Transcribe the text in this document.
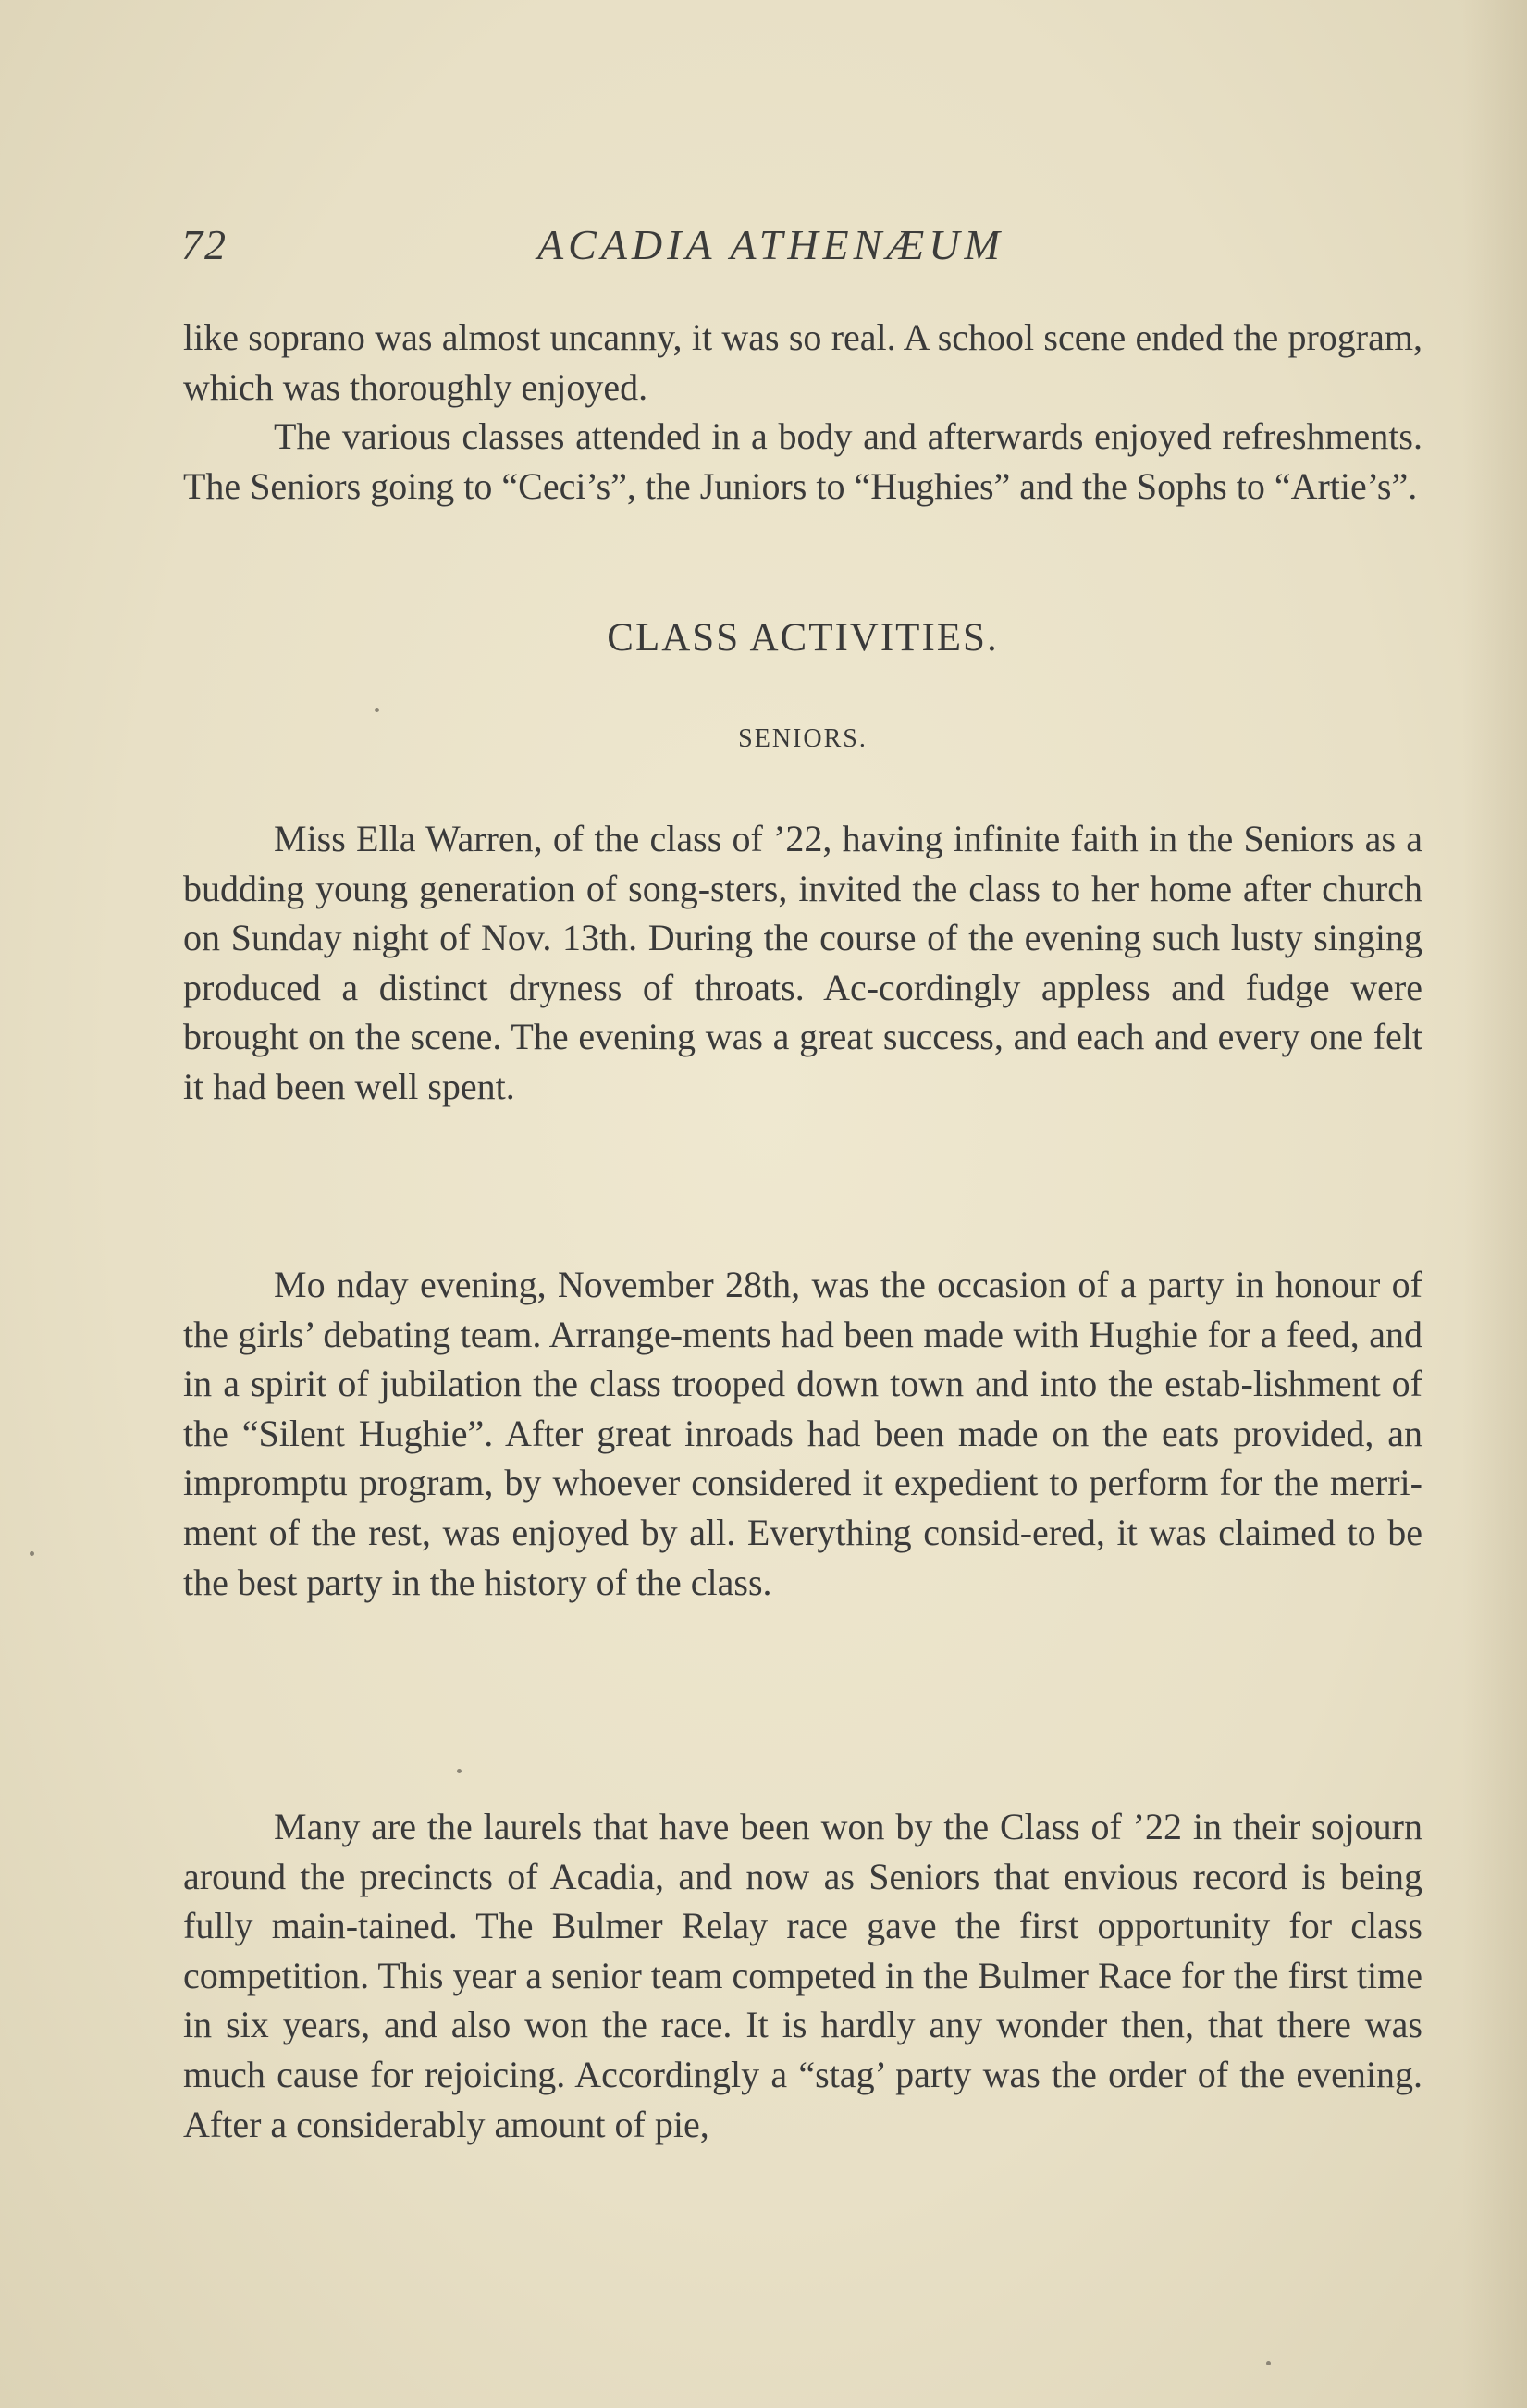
72	ACADIA ATHENÆUM

like soprano was almost uncanny, it was so real. A school scene ended the program, which was thoroughly enjoyed.

The various classes attended in a body and afterwards enjoyed refreshments. The Seniors going to “Ceci’s”, the Juniors to “Hughies” and the Sophs to “Artie’s”.

CLASS ACTIVITIES.
SENIORS.

Miss Ella Warren, of the class of ’22, having infinite faith in the Seniors as a budding young generation of song-sters, invited the class to her home after church on Sunday night of Nov. 13th. During the course of the evening such lusty singing produced a distinct dryness of throats. Ac-cordingly appless and fudge were brought on the scene. The evening was a great success, and each and every one felt it had been well spent.

Mo nday evening, November 28th, was the occasion of a party in honour of the girls’ debating team. Arrange-ments had been made with Hughie for a feed, and in a spirit of jubilation the class trooped down town and into the estab-lishment of the “Silent Hughie”. After great inroads had been made on the eats provided, an impromptu program, by whoever considered it expedient to perform for the merri-ment of the rest, was enjoyed by all. Everything consid-ered, it was claimed to be the best party in the history of the class.

Many are the laurels that have been won by the Class of ’22 in their sojourn around the precincts of Acadia, and now as Seniors that envious record is being fully main-tained. The Bulmer Relay race gave the first opportunity for class competition. This year a senior team competed in the Bulmer Race for the first time in six years, and also won the race. It is hardly any wonder then, that there was much cause for rejoicing. Accordingly a “stag’ party was the order of the evening. After a considerably amount of pie,
